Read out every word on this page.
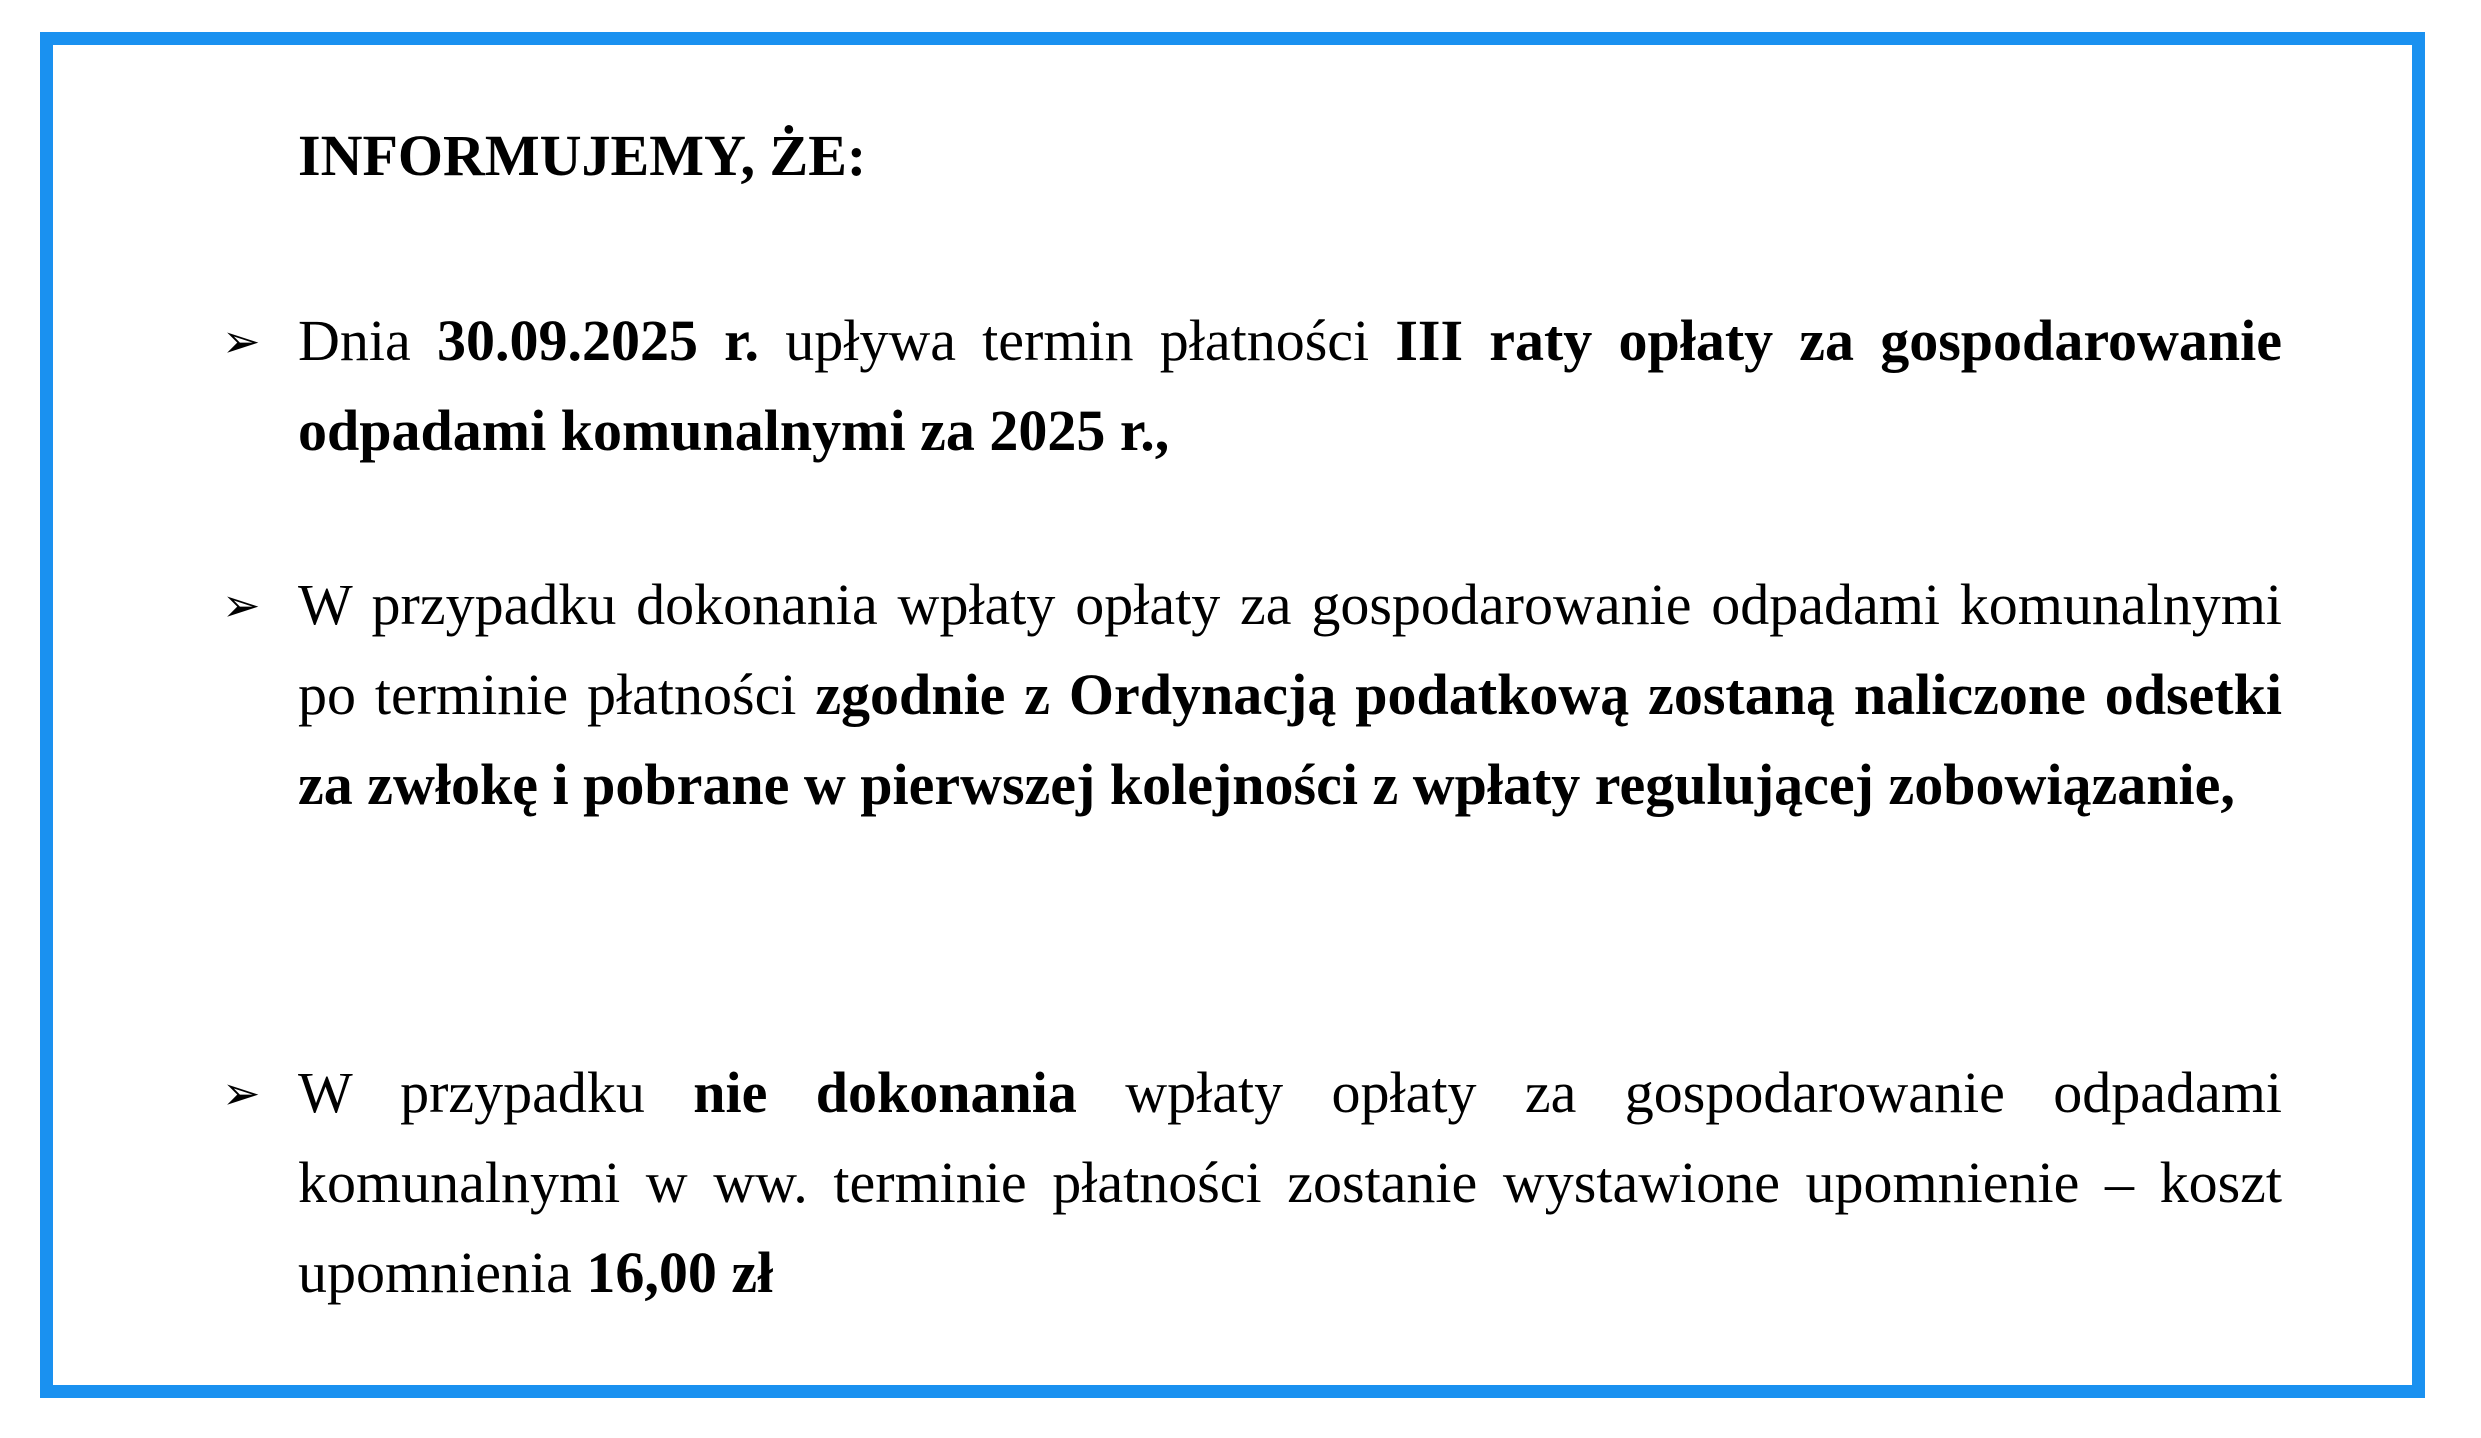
INFORMUJEMY, ŻE:
➢ Dnia 30.09.2025 r. upływa termin płatności III raty opłaty za gospodarowanie odpadami komunalnymi za 2025 r.,

➢ W przypadku dokonania wpłaty opłaty za gospodarowanie odpadami komunalnymi po terminie płatności zgodnie z Ordynacją podatkową zostaną naliczone odsetki za zwłokę i pobrane w pierwszej kolejności z wpłaty regulującej zobowiązanie,

➢ W przypadku nie dokonania wpłaty opłaty za gospodarowanie odpadami komunalnymi w ww. terminie płatności zostanie wystawione upomnienie – koszt upomnienia 16,00 zł
